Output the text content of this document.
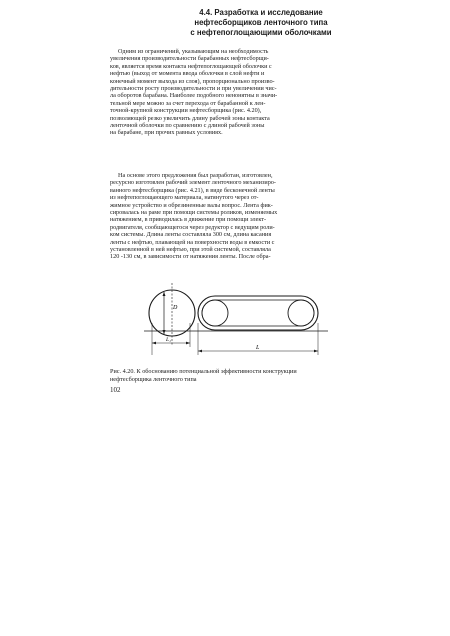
4.4. Разработка и исследование
нефтесборщиков ленточного типа
с нефтепоглощающими оболочками
Одним из ограничений, указывающим на необходимость
увеличения производительности барабанных нефтесборщи-
ков, является время контакта нефтепоглощающей оболочки с
нефтью (выход от момента ввода оболочки в слой нефти и
конечный момент выхода из слоя), пропорционально произво-
дительности росту производительности и при увеличении чис-
ла оборотов барабана. Наиболее подобного ненонятны в значи-
тельной мере можно за счет перехода от барабанной к лен-
точной-крупной конструкции нефтесборщика (рис. 4.20),
позволяющей резко увеличить длину рабочей зоны контакта
ленточной оболочки по сравнению с длиной рабочей зоны
на барабане, при прочих равных условиях.
На основе этого предложения был разработан, изготовлен,
ресурсно изготовлен рабочий элемент ленточного механизиро-
ванного нефтесборщика (рис. 4.21), в виде бесконечной ленты
из нефтепоглощающего материала, натянутого через от-
жимное устройство и обрезиненные валы вопрос. Лента фик-
сировалась на раме при помощи системы роликов, изменяемых
натяжением, в приводилась в движение при помощи элект-
родвигателя, сообщающегося через редуктор с ведущим роли-
ком системы. Длина ленты составляла 300 см, длина касания
ленты с нефтью, плавающей на поверхности воды в емкости с
установленной в ней нефтью, при этой системой, составляла
120 -130 см, в зависимости от натяжения ленты. После обра-
D
L₁
L
Рис. 4.20. К обоснованию потенциальной эффективности конструкции
нефтесборщика ленточного типа
102
